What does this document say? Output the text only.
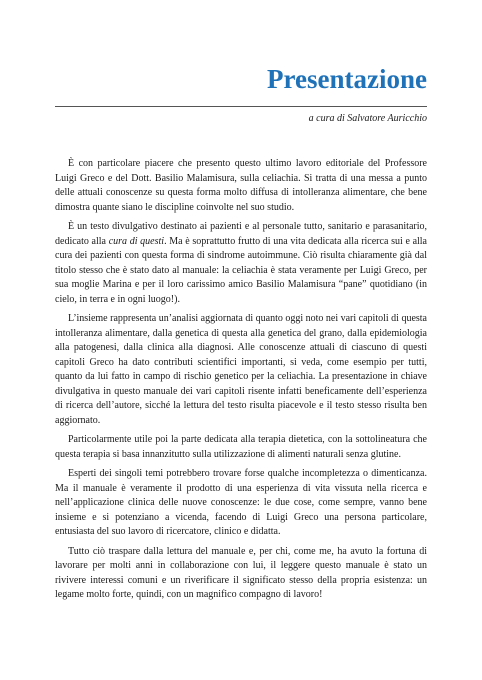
Presentazione

a cura di Salvatore Auricchio

È con particolare piacere che presento questo ultimo lavoro editoriale del Professore Luigi Greco e del Dott. Basilio Malamisura, sulla celiachia. Si tratta di una messa a punto delle attuali conoscenze su questa forma molto diffusa di intolleranza alimentare, che bene dimostra quante siano le discipline coinvolte nel suo studio.

È un testo divulgativo destinato ai pazienti e al personale tutto, sanitario e parasanitario, dedicato alla cura di questi. Ma è soprattutto frutto di una vita dedicata alla ricerca sui e alla cura dei pazienti con questa forma di sindrome autoimmune. Ciò risulta chiaramente già dal titolo stesso che è stato dato al manuale: la celiachia è stata veramente per Luigi Greco, per sua moglie Marina e per il loro carissimo amico Basilio Malamisura “pane” quotidiano (in cielo, in terra e in ogni luogo!).

L’insieme rappresenta un’analisi aggiornata di quanto oggi noto nei vari capitoli di questa intolleranza alimentare, dalla genetica di questa alla genetica del grano, dalla epidemiologia alla patogenesi, dalla clinica alla diagnosi. Alle conoscenze attuali di ciascuno di questi capitoli Greco ha dato contributi scientifici importanti, si veda, come esempio per tutti, quanto da lui fatto in campo di rischio genetico per la celiachia. La presentazione in chiave divulgativa in questo manuale dei vari capitoli risente infatti beneficamente dell’esperienza di ricerca dell’autore, sicché la lettura del testo risulta piacevole e il testo stesso risulta ben aggiornato.

Particolarmente utile poi la parte dedicata alla terapia dietetica, con la sottolineatura che questa terapia si basa innanzitutto sulla utilizzazione di alimenti naturali senza glutine.

Esperti dei singoli temi potrebbero trovare forse qualche incompletezza o dimenticanza. Ma il manuale è veramente il prodotto di una esperienza di vita vissuta nella ricerca e nell’applicazione clinica delle nuove conoscenze: le due cose, come sempre, vanno bene insieme e si potenziano a vicenda, facendo di Luigi Greco una persona particolare, entusiasta del suo lavoro di ricercatore, clinico e didatta.

Tutto ciò traspare dalla lettura del manuale e, per chi, come me, ha avuto la fortuna di lavorare per molti anni in collaborazione con lui, il leggere questo manuale è stato un rivivere interessi comuni e un riverificare il significato stesso della propria esistenza: un legame molto forte, quindi, con un magnifico compagno di lavoro!
